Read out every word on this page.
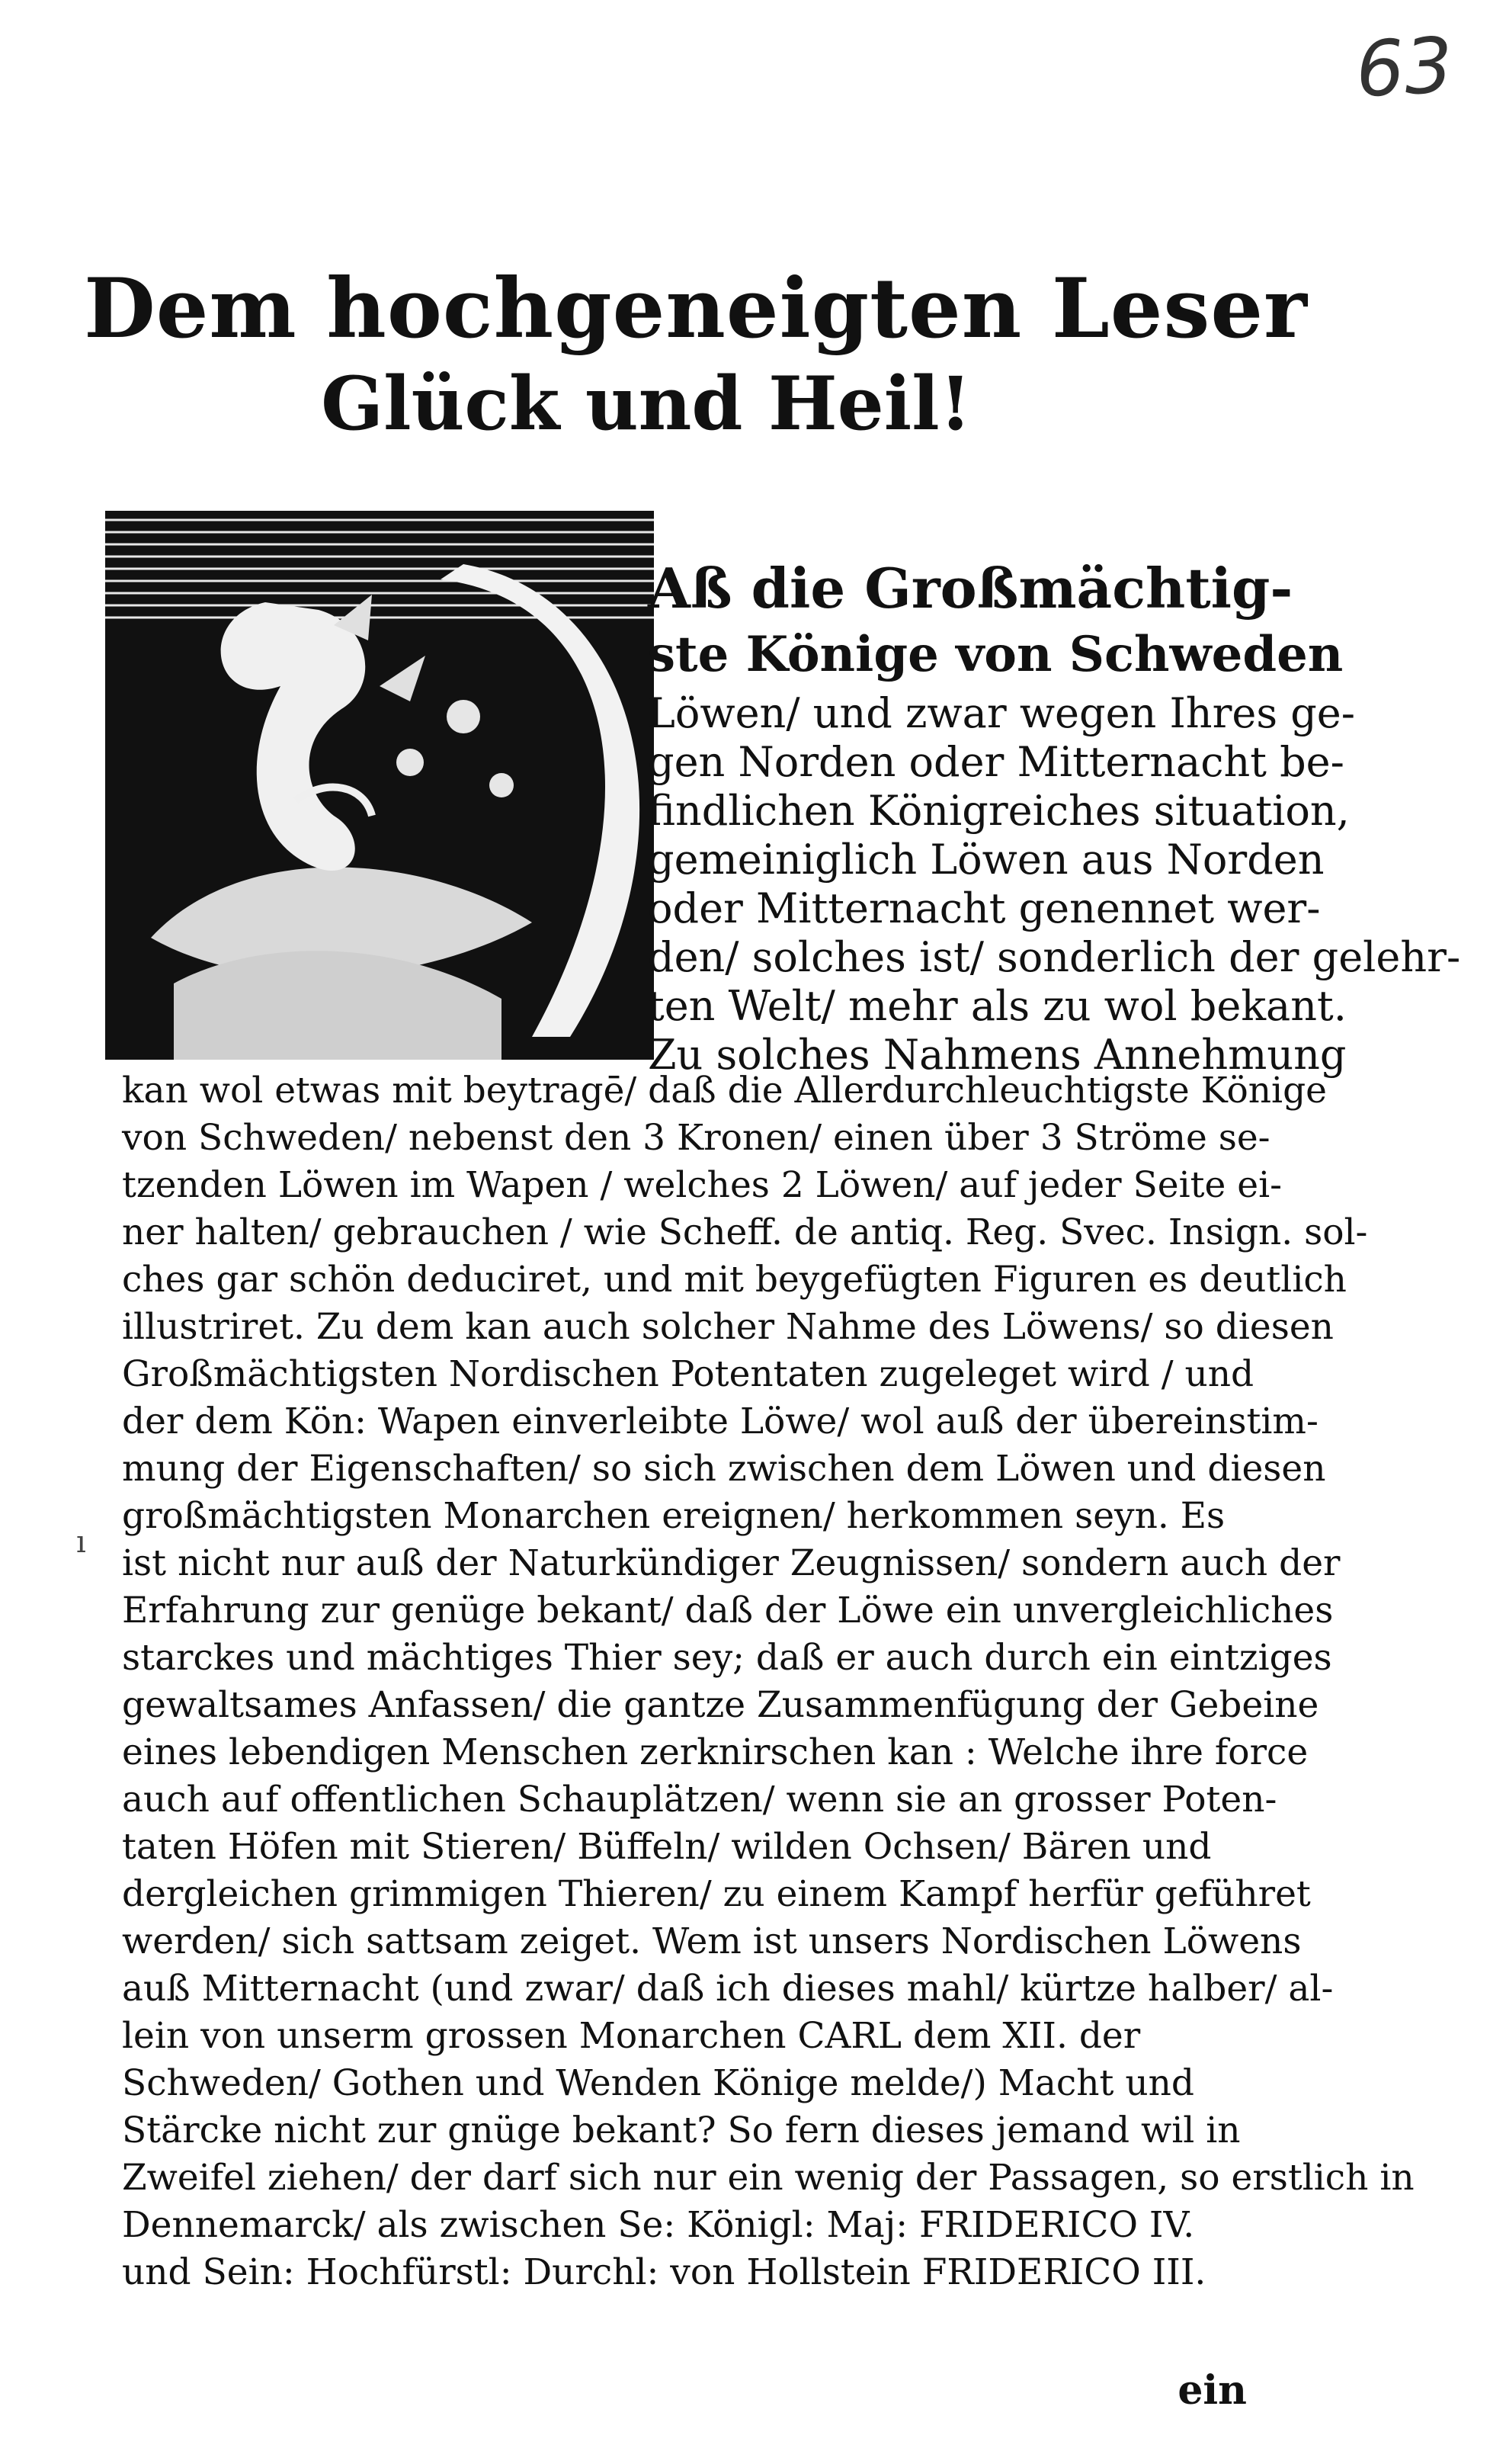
63
Dem hochgeneigten Leser
Glück und Heil!
Aß die Großmächtig-
ste Könige von Schweden
Löwen/ und zwar wegen Ihres ge-
gen Norden oder Mitternacht be-
findlichen Königreiches situation,
gemeiniglich Löwen aus Norden
oder Mitternacht genennet wer-
den/ solches ist/ sonderlich der gelehr-
ten Welt/ mehr als zu wol bekant.
Zu solches Nahmens Annehmung
ı
kan wol etwas mit beytragē/ daß die Allerdurchleuchtigste Könige
von Schweden/ nebenst den 3 Kronen/ einen über 3 Ströme se-
tzenden Löwen im Wapen / welches 2 Löwen/ auf jeder Seite ei-
ner halten/ gebrauchen / wie Scheff. de antiq. Reg. Svec. Insign. sol-
ches gar schön deduciret, und mit beygefügten Figuren es deutlich
illustriret. Zu dem kan auch solcher Nahme des Löwens/ so diesen
Großmächtigsten Nordischen Potentaten zugeleget wird / und
der dem Kön: Wapen einverleibte Löwe/ wol auß der übereinstim-
mung der Eigenschaften/ so sich zwischen dem Löwen und diesen
großmächtigsten Monarchen ereignen/ herkommen seyn. Es
ist nicht nur auß der Naturkündiger Zeugnissen/ sondern auch der
Erfahrung zur genüge bekant/ daß der Löwe ein unvergleichliches
starckes und mächtiges Thier sey; daß er auch durch ein eintziges
gewaltsames Anfassen/ die gantze Zusammenfügung der Gebeine
eines lebendigen Menschen zerknirschen kan : Welche ihre force
auch auf offentlichen Schauplätzen/ wenn sie an grosser Poten-
taten Höfen mit Stieren/ Büffeln/ wilden Ochsen/ Bären und
dergleichen grimmigen Thieren/ zu einem Kampf herfür geführet
werden/ sich sattsam zeiget. Wem ist unsers Nordischen Löwens
auß Mitternacht (und zwar/ daß ich dieses mahl/ kürtze halber/ al-
lein von unserm grossen Monarchen CARL dem XII. der
Schweden/ Gothen und Wenden Könige melde/) Macht und
Stärcke nicht zur gnüge bekant? So fern dieses jemand wil in
Zweifel ziehen/ der darf sich nur ein wenig der Passagen, so erstlich in
Dennemarck/ als zwischen Se: Königl: Maj: FRIDERICO IV.
und Sein: Hochfürstl: Durchl: von Hollstein FRIDERICO III.
ein
